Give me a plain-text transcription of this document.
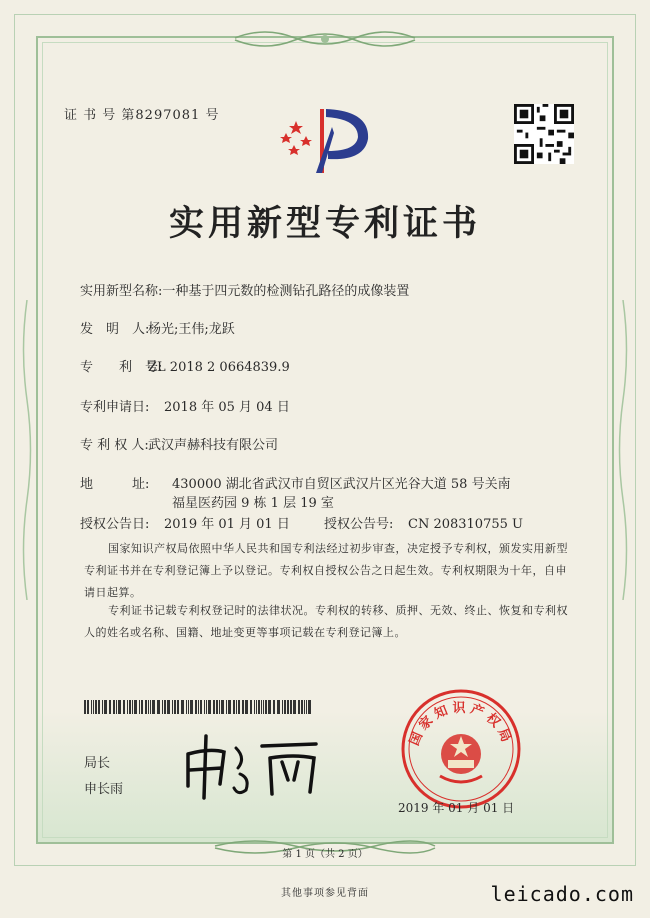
证 书 号 第8297081 号
实用新型专利证书
实用新型名称:一种基于四元数的检测钻孔路径的成像装置
发　明　人:杨光;王伟;龙跃
专　　利　号:ZL 2018 2 0664839.9
专利申请日: 2018 年 05 月 04 日
专 利 权 人:武汉声赫科技有限公司
地　　　址: 430000 湖北省武汉市自贸区武汉片区光谷大道 58 号关南
福星医药园 9 栋 1 层 19 室
授权公告日: 2019 年 01 月 01 日	授权公告号: CN 208310755 U
国家知识产权局依照中华人民共和国专利法经过初步审查，决定授予专利权，颁发实用新型专利证书并在专利登记簿上予以登记。专利权自授权公告之日起生效。专利权期限为十年，自申请日起算。
专利证书记载专利权登记时的法律状况。专利权的转移、质押、无效、终止、恢复和专利权人的姓名或名称、国籍、地址变更等事项记载在专利登记簿上。
局长
申长雨
国家知识产权局
2019 年 01 月 01 日
第 1 页（共 2 页）
其他事项参见背面	leicado.com
